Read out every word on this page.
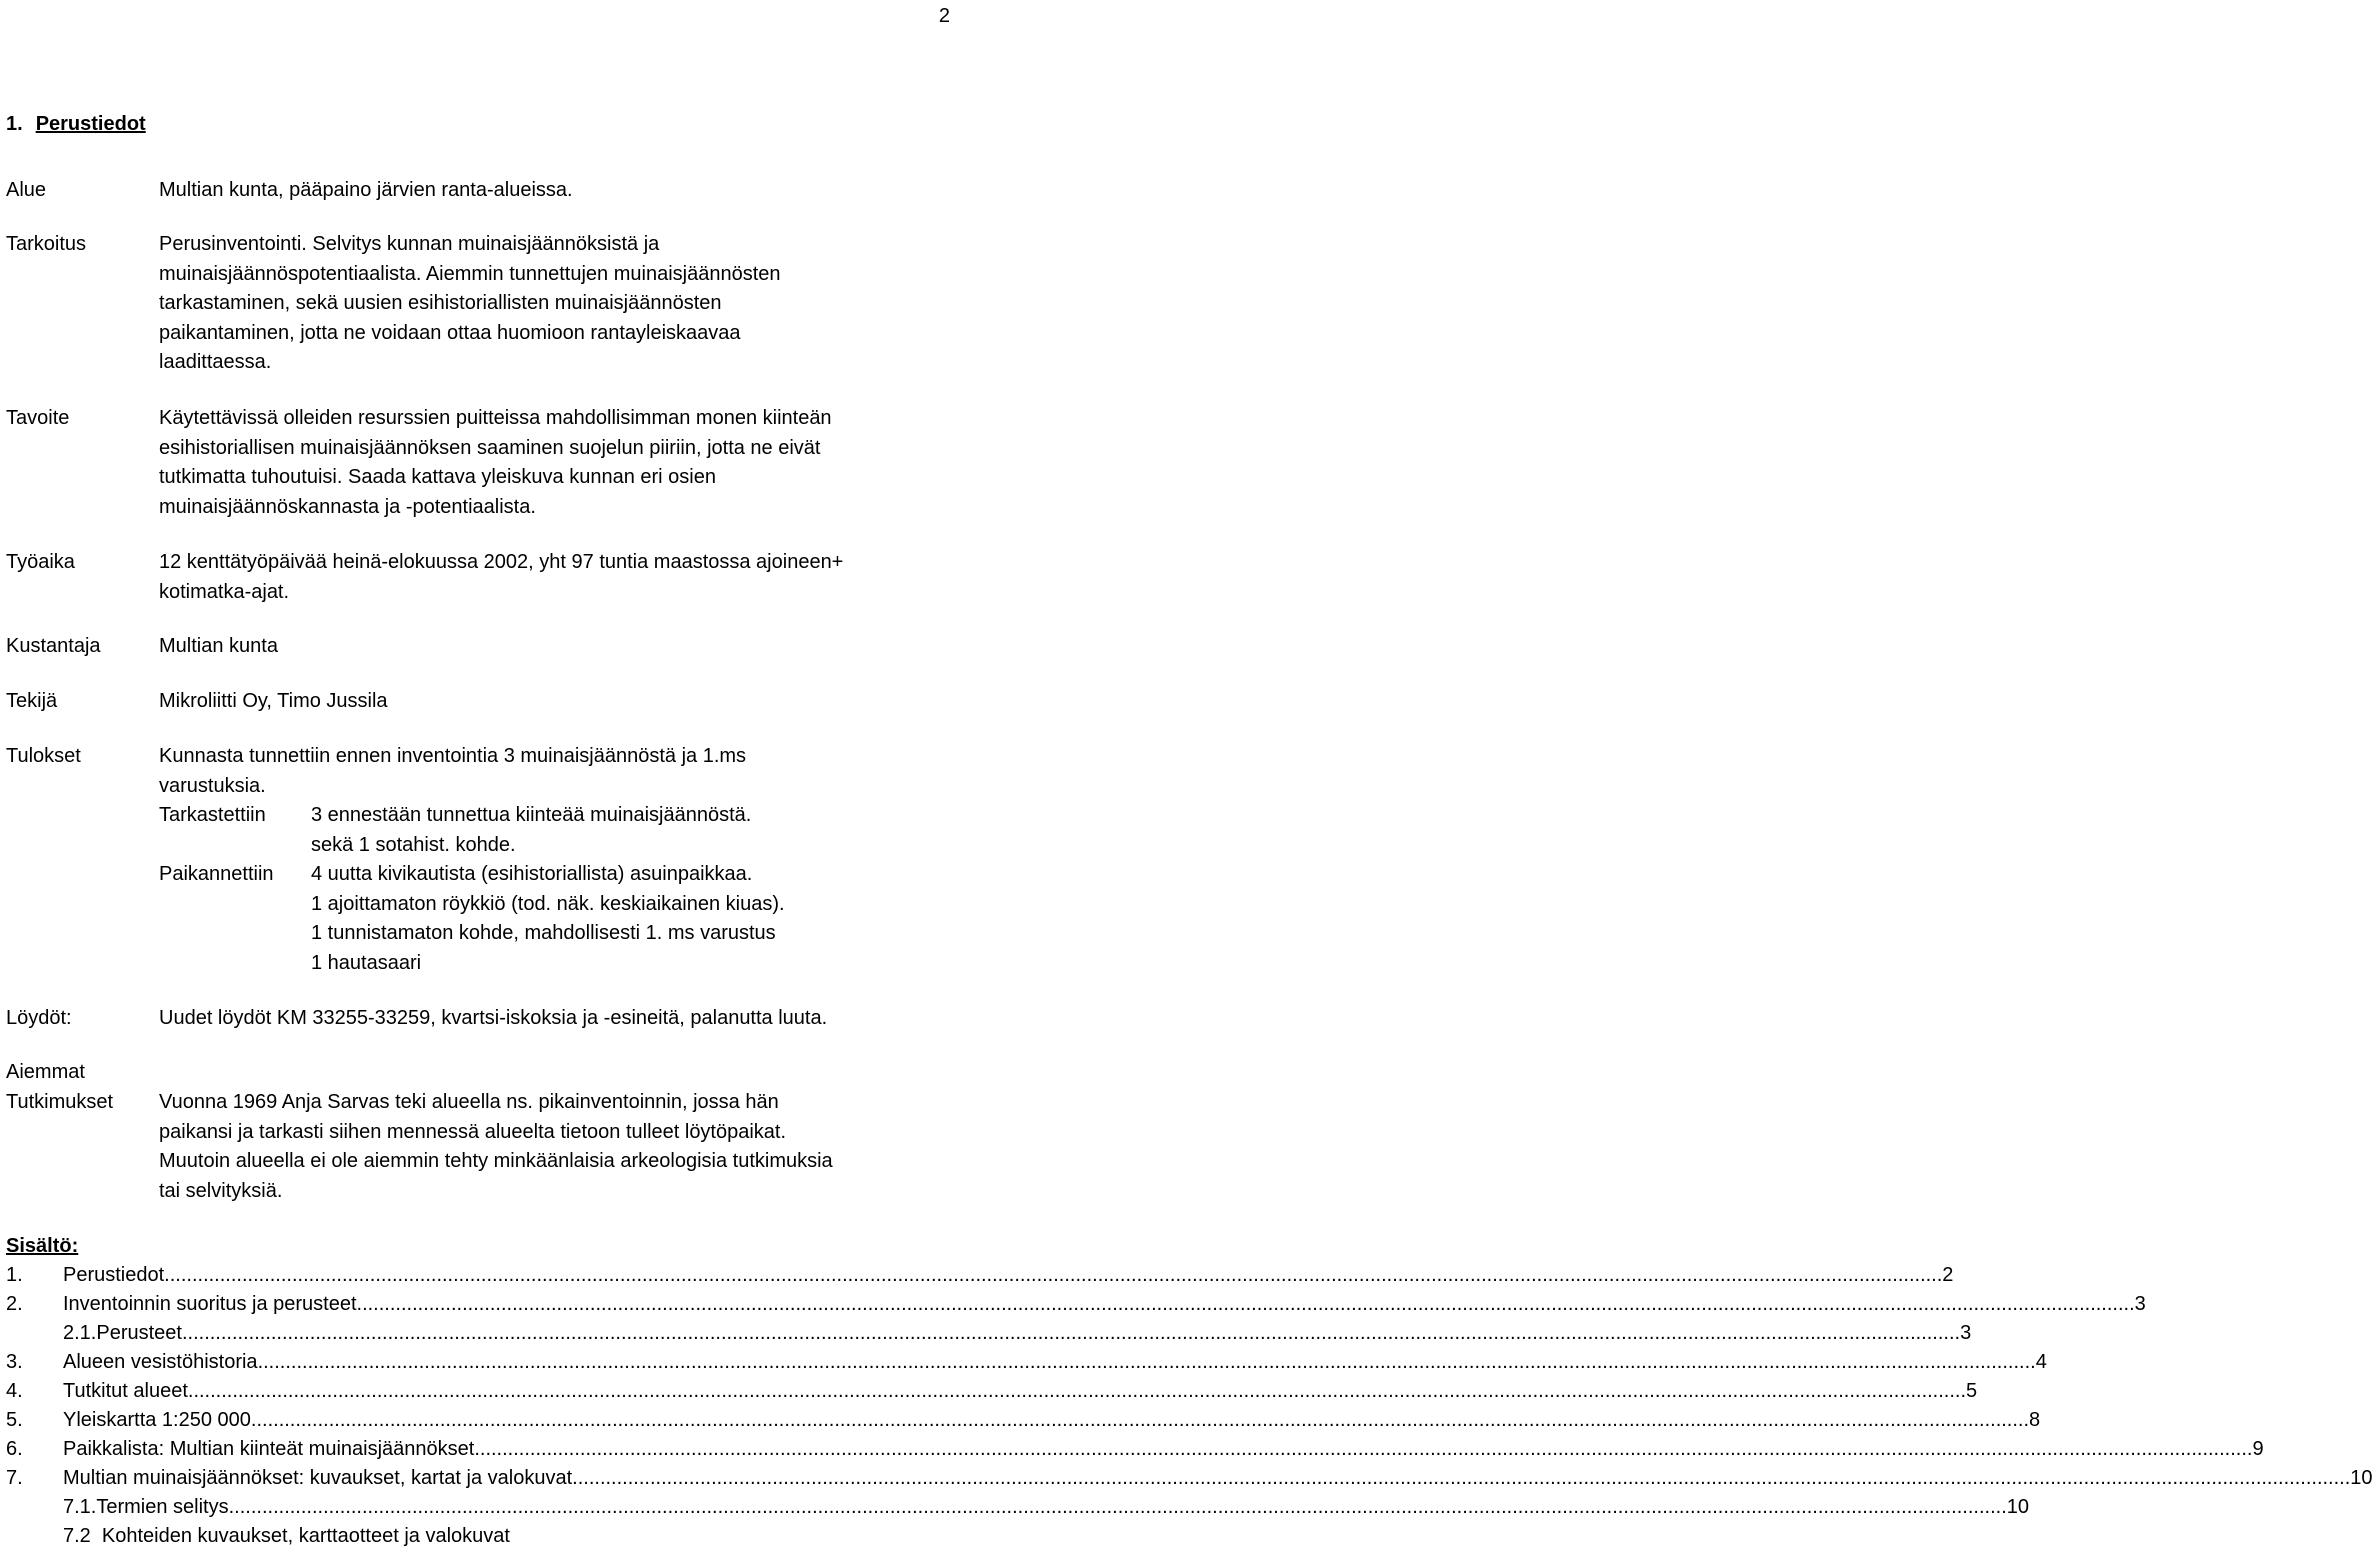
2
1. Perustiedot
Alue	Multian kunta, pääpaino järvien ranta-alueissa.
Tarkoitus	Perusinventointi. Selvitys kunnan muinaisjäännöksistä ja

muinaisjäännöspotentiaalista. Aiemmin tunnettujen muinaisjäännösten

tarkastaminen, sekä uusien esihistoriallisten muinaisjäännösten

paikantaminen, jotta ne voidaan ottaa huomioon rantayleiskaavaa

laadittaessa.

Tavoite	Käytettävissä olleiden resurssien puitteissa mahdollisimman monen kiinteän

esihistoriallisen muinaisjäännöksen saaminen suojelun piiriin, jotta ne eivät

tutkimatta tuhoutuisi. Saada kattava yleiskuva kunnan eri osien

muinaisjäännöskannasta ja -potentiaalista.

Työaika	12 kenttätyöpäivää heinä-elokuussa 2002, yht 97 tuntia maastossa ajoineen+

kotimatka-ajat.

Kustantaja	Multian kunta
Tekijä	Mikroliitti Oy, Timo Jussila
Tulokset	Kunnasta tunnettiin ennen inventointia 3 muinaisjäännöstä ja 1.ms
varustuksia.
Tarkastettiin	3 ennestään tunnettua kiinteää muinaisjäännöstä.
sekä 1 sotahist. kohde.
Paikannettiin	4 uutta kivikautista (esihistoriallista) asuinpaikkaa.
1 ajoittamaton röykkiö (tod. näk. keskiaikainen kiuas).
1 tunnistamaton kohde, mahdollisesti 1. ms varustus
1 hautasaari
Löydöt:	Uudet löydöt KM 33255-33259, kvartsi-iskoksia ja -esineitä, palanutta luuta.
Aiemmat
Tutkimukset Vuonna 1969 Anja Sarvas teki alueella ns. pikainventoinnin, jossa hän

paikansi ja tarkasti siihen mennessä alueelta tietoon tulleet löytöpaikat.

Muutoin alueella ei ole aiemmin tehty minkäänlaisia arkeologisia tutkimuksia

tai selvityksiä.

Sisältö:
1.	Perustiedot .....	2
2.	Inventoinnin suoritus ja perusteet .....	3
2.1.Perusteet .....	3
3.	Alueen vesistöhistoria .....	4
4.	Tutkitut alueet .....	5
5.	Yleiskartta 1:250 000 .....	8
6.	Paikkalista: Multian kiinteät muinaisjäännökset .....	9
7.	Multian muinaisjäännökset: kuvaukset, kartat ja valokuvat .....	10
7.1.Termien selitys .....	10
7.2  Kohteiden kuvaukset, karttaotteet ja valokuvat
